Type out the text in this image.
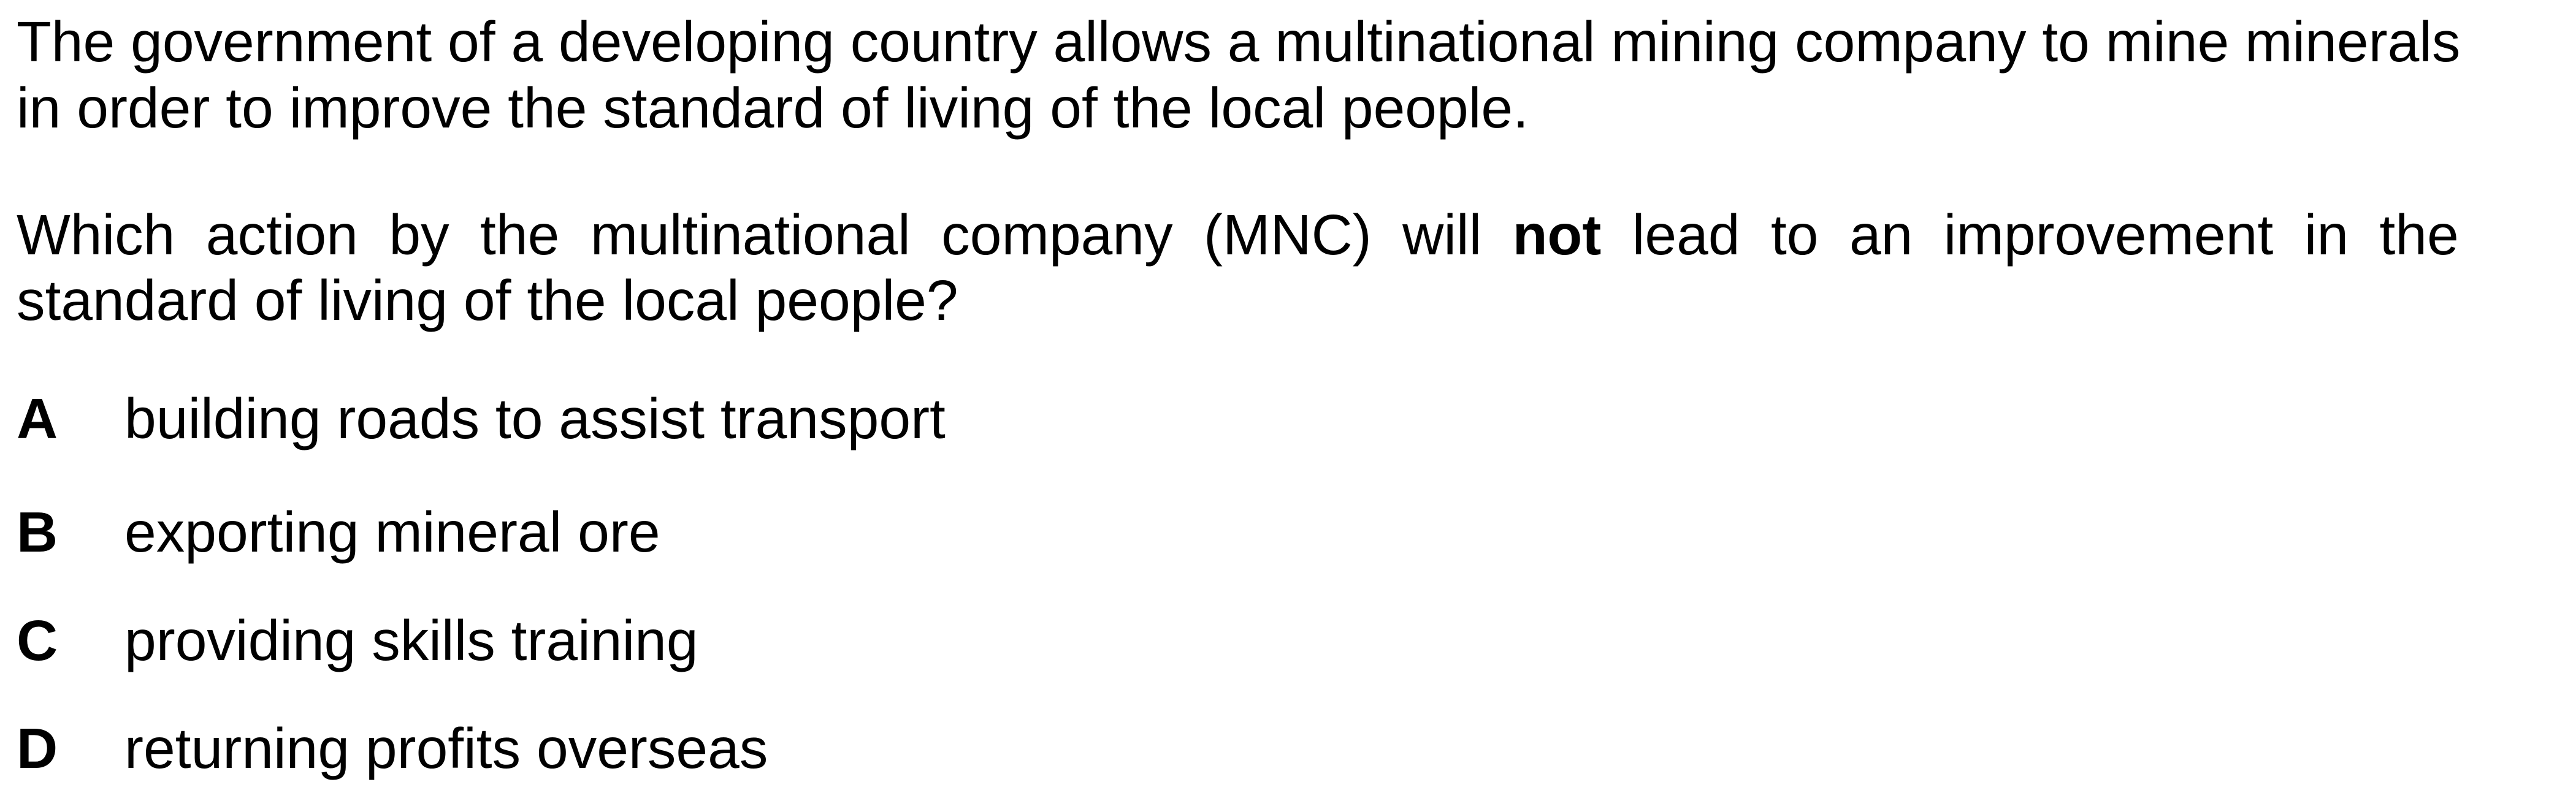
The government of a developing country allows a multinational mining company to mine minerals
in order to improve the standard of living of the local people.
Which action by the multinational company (MNC) will not lead to an improvement in the
standard of living of the local people?
A building roads to assist transport
B exporting mineral ore
C providing skills training
D returning profits overseas
